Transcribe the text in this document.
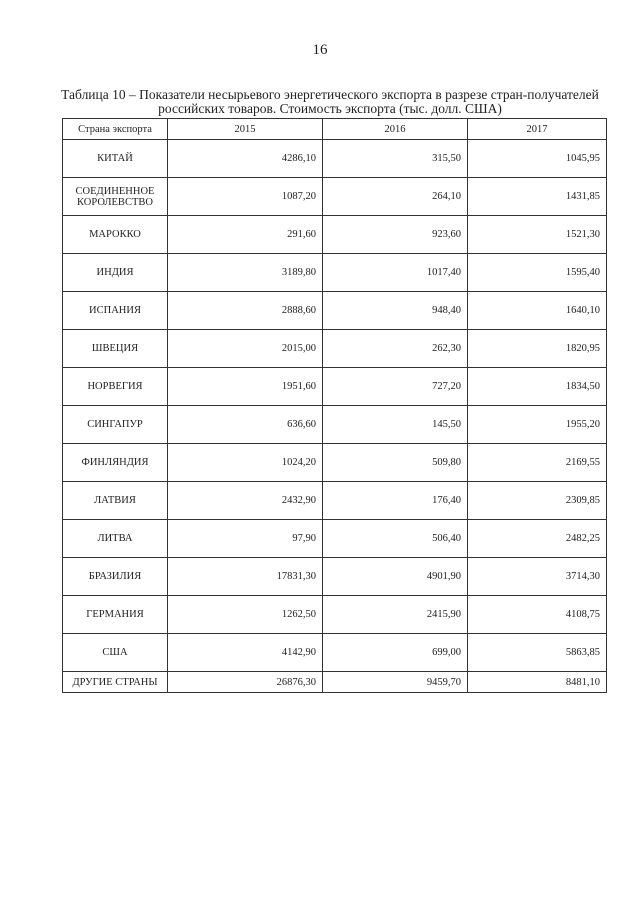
16
Таблица 10 – Показатели несырьевого энергетического экспорта в разрезе стран-получателей российских товаров. Стоимость экспорта (тыс. долл. США)
Страна экспорта	2015	2016	2017
КИТАЙ	4286,10	315,50	1045,95
СОЕДИНЕННОЕ КОРОЛЕВСТВО	1087,20	264,10	1431,85
МАРОККО	291,60	923,60	1521,30
ИНДИЯ	3189,80	1017,40	1595,40
ИСПАНИЯ	2888,60	948,40	1640,10
ШВЕЦИЯ	2015,00	262,30	1820,95
НОРВЕГИЯ	1951,60	727,20	1834,50
СИНГАПУР	636,60	145,50	1955,20
ФИНЛЯНДИЯ	1024,20	509,80	2169,55
ЛАТВИЯ	2432,90	176,40	2309,85
ЛИТВА	97,90	506,40	2482,25
БРАЗИЛИЯ	17831,30	4901,90	3714,30
ГЕРМАНИЯ	1262,50	2415,90	4108,75
США	4142,90	699,00	5863,85
ДРУГИЕ СТРАНЫ	26876,30	9459,70	8481,10
